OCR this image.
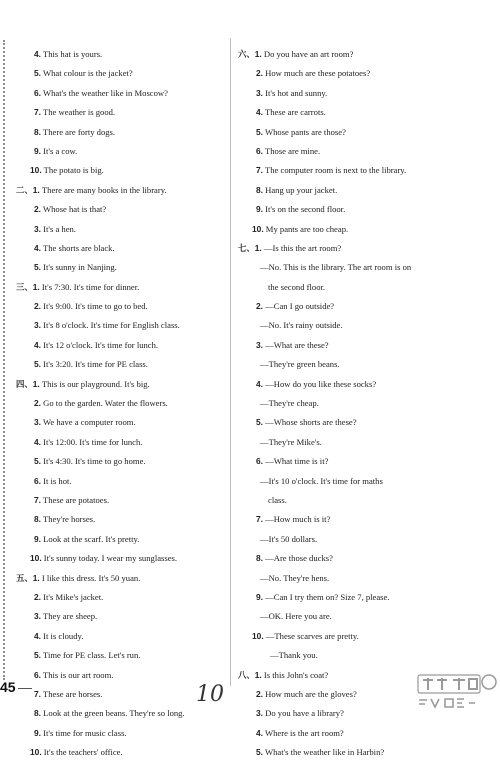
4. This hat is yours.
5. What colour is the jacket?
6. What's the weather like in Moscow?
7. The weather is good.
8. There are forty dogs.
9. It's a cow.
10. The potato is big.
二、1. There are many books in the library.
2. Whose hat is that?
3. It's a hen.
4. The shorts are black.
5. It's sunny in Nanjing.
三、1. It's 7:30. It's time for dinner.
2. It's 9:00. It's time to go to bed.
3. It's 8 o'clock. It's time for English class.
4. It's 12 o'clock. It's time for lunch.
5. It's 3:20. It's time for PE class.
四、1. This is our playground. It's big.
2. Go to the garden. Water the flowers.
3. We have a computer room.
4. It's 12:00. It's time for lunch.
5. It's 4:30. It's time to go home.
6. It is hot.
7. These are potatoes.
8. They're horses.
9. Look at the scarf. It's pretty.
10. It's sunny today. I wear my sunglasses.
五、1. I like this dress. It's 50 yuan.
2. It's Mike's jacket.
3. They are sheep.
4. It is cloudy.
5. Time for PE class. Let's run.
6. This is our art room.
7. These are horses.
8. Look at the green beans. They're so long.
9. It's time for music class.
10. It's the teachers' office.
六、1. Do you have an art room?
2. How much are these potatoes?
3. It's hot and sunny.
4. These are carrots.
5. Whose pants are those?
6. Those are mine.
7. The computer room is next to the library.
8. Hang up your jacket.
9. It's on the second floor.
10. My pants are too cheap.
七、1. —Is this the art room?
—No. This is the library. The art room is on
the second floor.
2. —Can I go outside?
—No. It's rainy outside.
3. —What are these?
—They're green beans.
4. —How do you like these socks?
—They're cheap.
5. —Whose shorts are these?
—They're Mike's.
6. —What time is it?
—It's 10 o'clock. It's time for maths
class.
7. —How much is it?
—It's 50 dollars.
8. —Are those ducks?
—No. They're hens.
9. —Can I try them on? Size 7, please.
—OK. Here you are.
10. —These scarves are pretty.
—Thank you.
八、1. Is this John's coat?
2. How much are the gloves?
3. Do you have a library?
4. Where is the art room?
5. What's the weather like in Harbin?
45	10
